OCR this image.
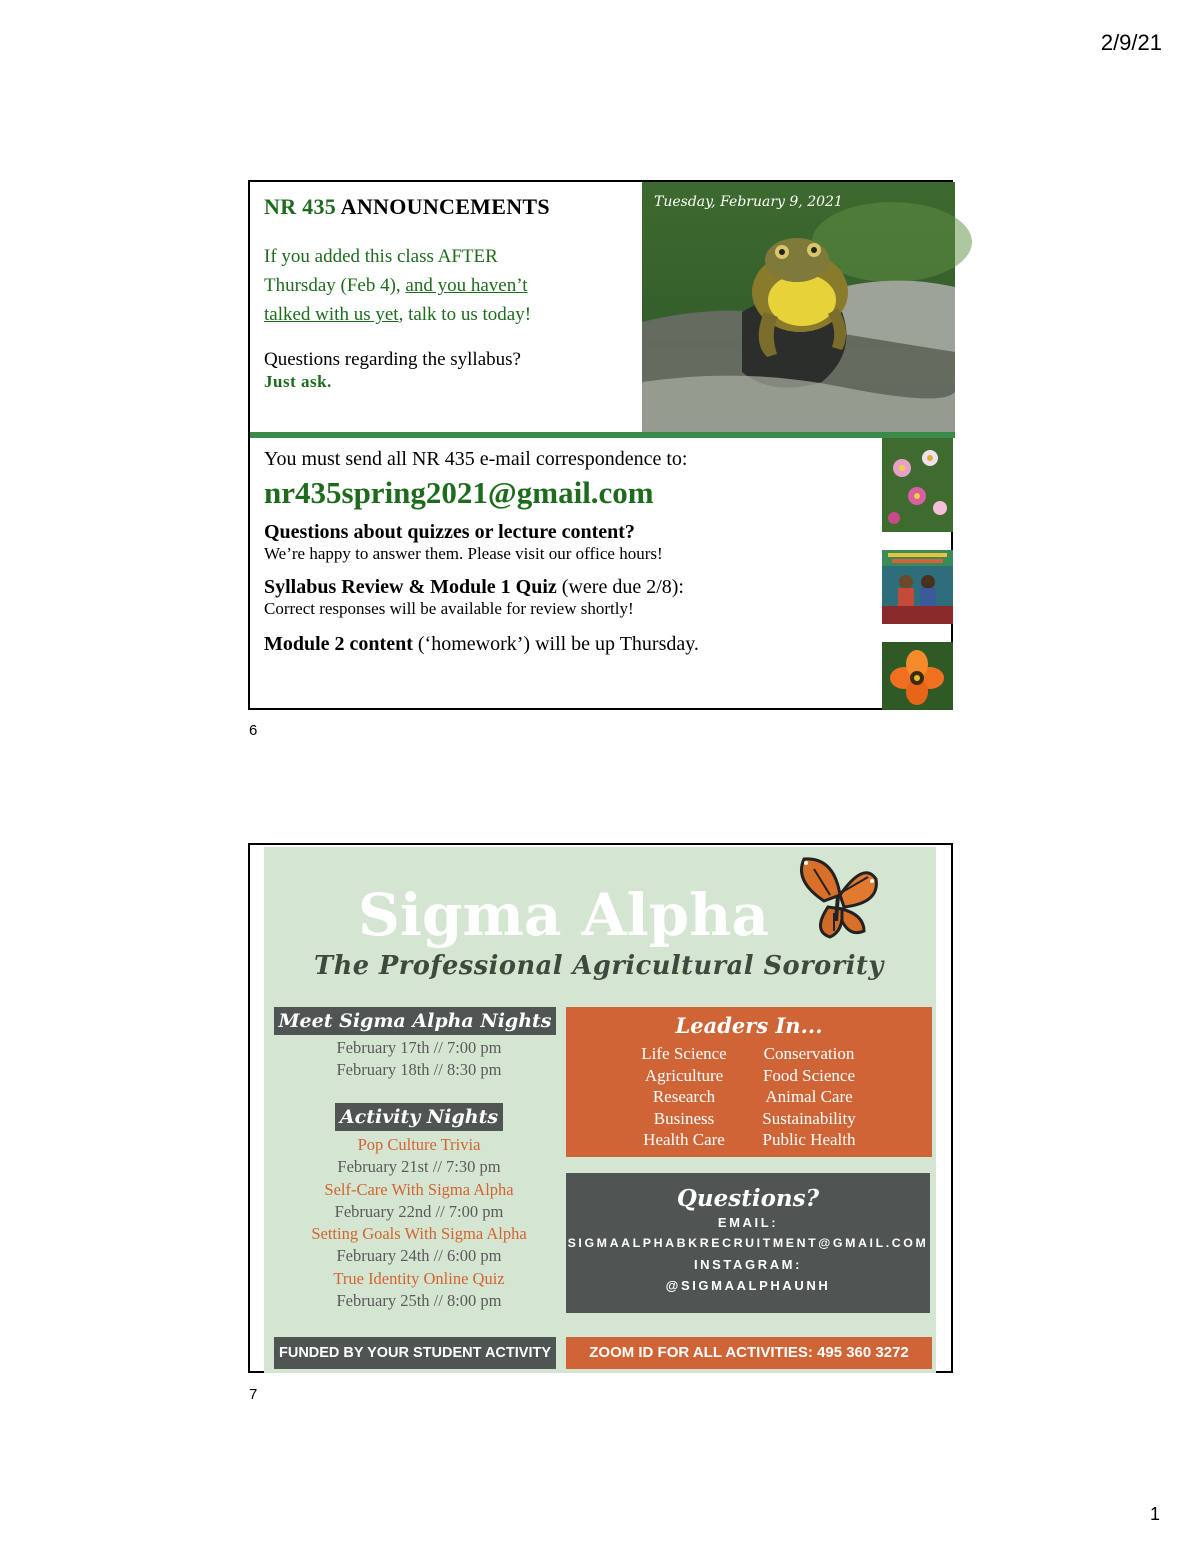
2/9/21
NR 435 ANNOUNCEMENTS
If you added this class AFTER
Thursday (Feb 4), and you haven’t
talked with us yet, talk to us today!
Questions regarding the syllabus?
Just ask.
Tuesday, February 9, 2021
You must send all NR 435 e-mail correspondence to:
nr435spring2021@gmail.com
Questions about quizzes or lecture content?
We’re happy to answer them. Please visit our office hours!
Syllabus Review & Module 1 Quiz (were due 2/8):
Correct responses will be available for review shortly!
Module 2 content (‘homework’) will be up Thursday.
6
Sigma Alpha
The Professional Agricultural Sorority
Meet Sigma Alpha Nights
February 17th // 7:00 pm
February 18th // 8:30 pm
Activity Nights
Pop Culture Trivia
February 21st // 7:30 pm
Self-Care With Sigma Alpha
February 22nd // 7:00 pm
Setting Goals With Sigma Alpha
February 24th // 6:00 pm
True Identity Online Quiz
February 25th // 8:00 pm
Leaders In...
Life Science
Agriculture
Research
Business
Health Care
Conservation
Food Science
Animal Care
Sustainability
Public Health
Questions?
EMAIL:
SIGMAALPHABKRECRUITMENT@GMAIL.COM
INSTAGRAM:
@SIGMAALPHAUNH
FUNDED BY YOUR STUDENT ACTIVITY FEE
ZOOM ID FOR ALL ACTIVITIES: 495 360 3272
7
1
